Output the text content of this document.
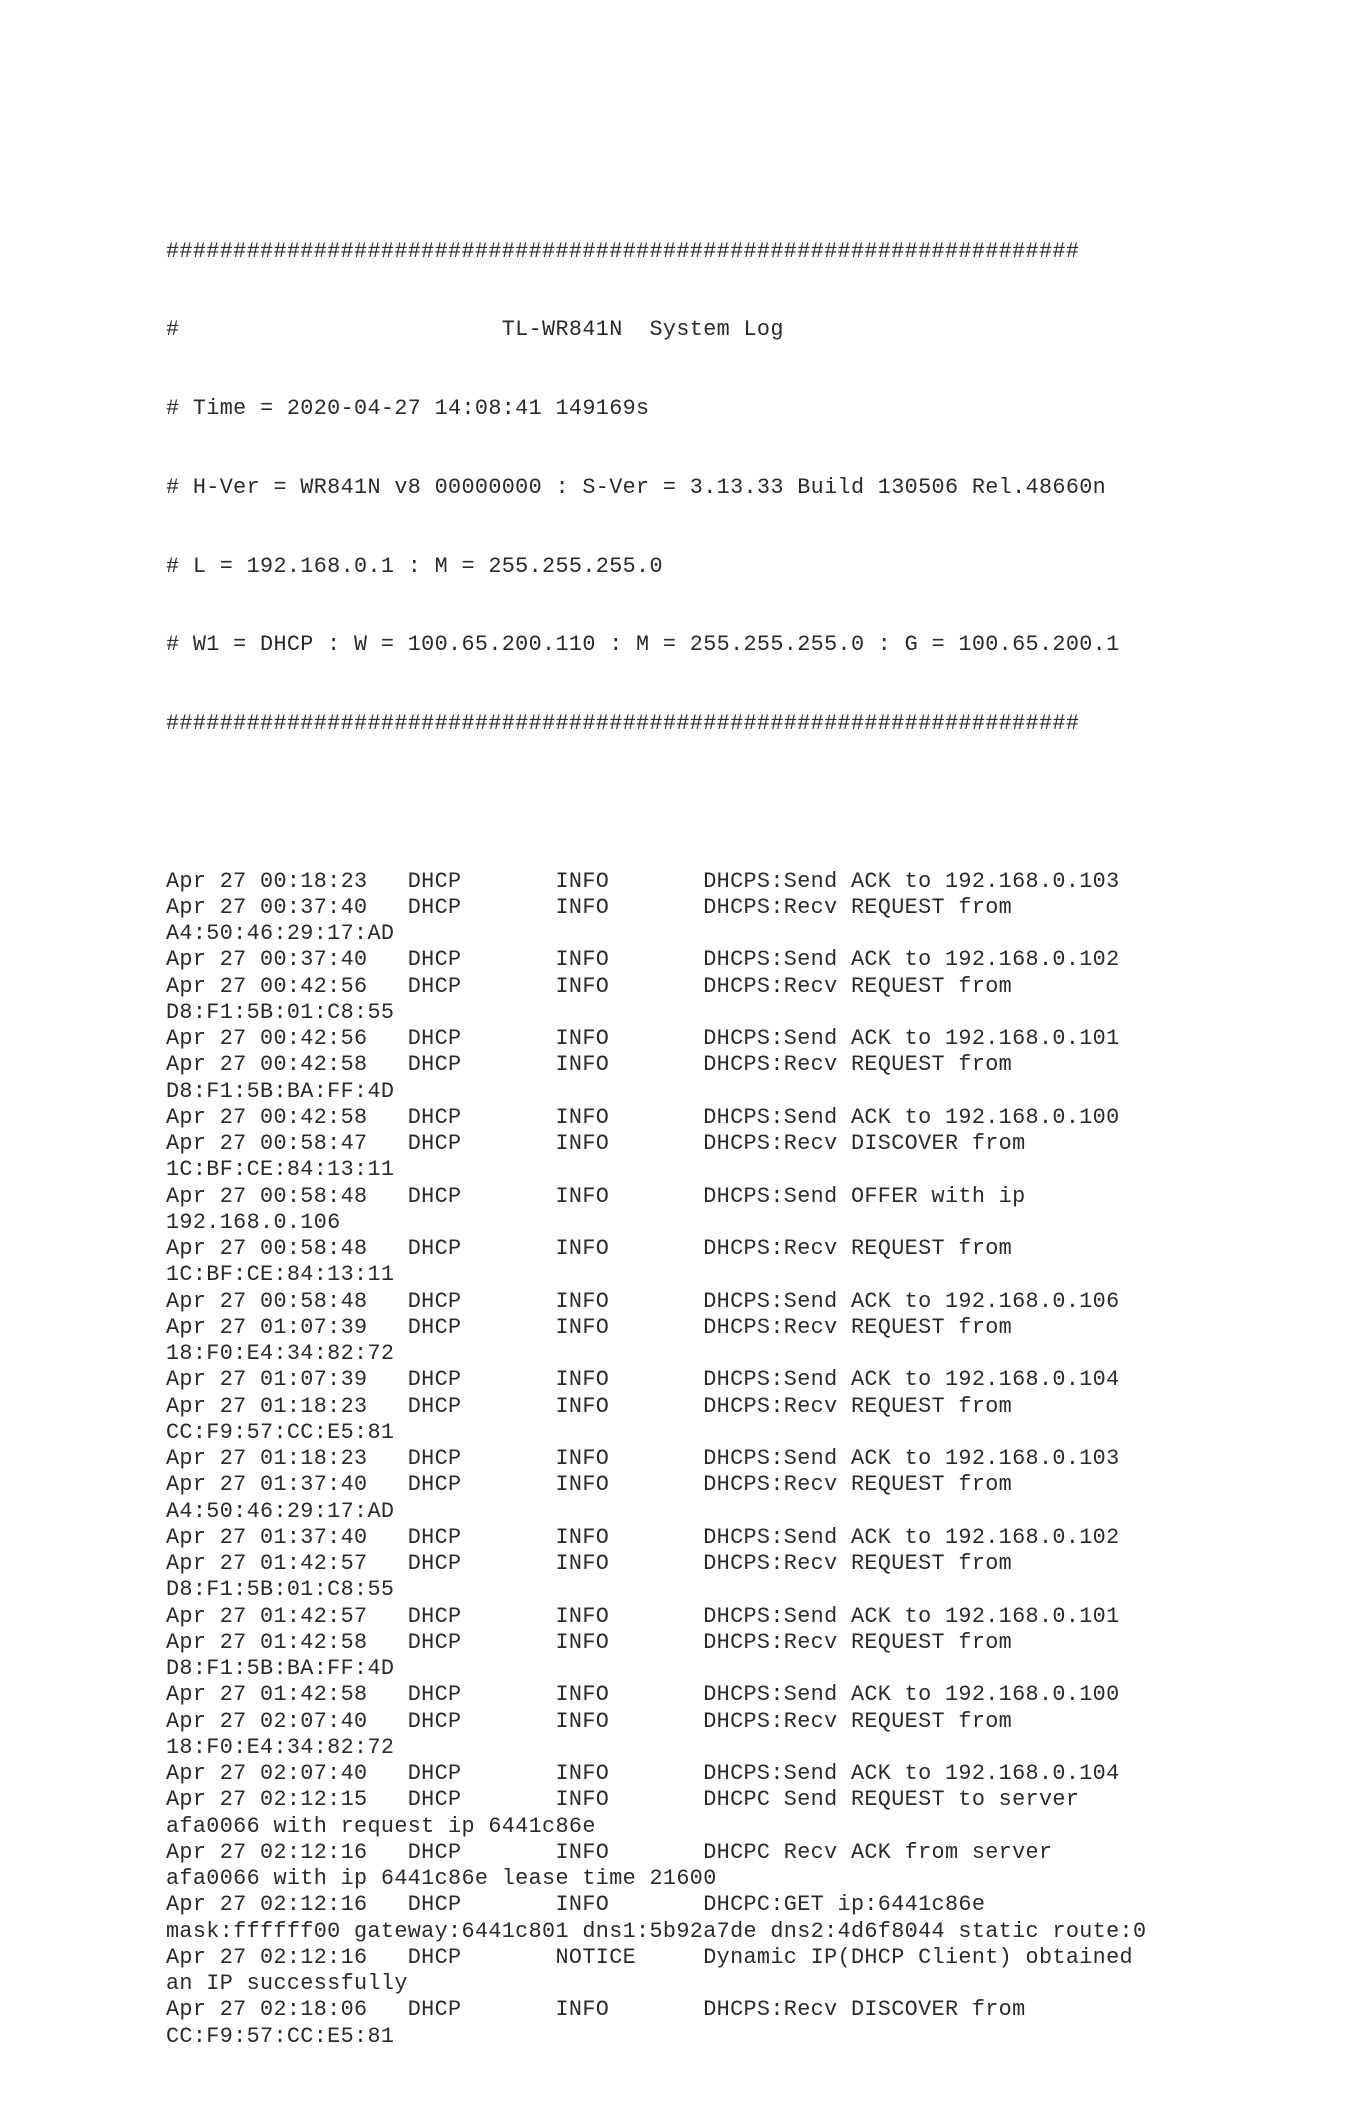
####################################################################

#                        TL-WR841N  System Log

# Time = 2020-04-27 14:08:41 149169s

# H-Ver = WR841N v8 00000000 : S-Ver = 3.13.33 Build 130506 Rel.48660n

# L = 192.168.0.1 : M = 255.255.255.0

# W1 = DHCP : W = 100.65.200.110 : M = 255.255.255.0 : G = 100.65.200.1

####################################################################

Apr 27 00:18:23   DHCP       INFO       DHCPS:Send ACK to 192.168.0.103
Apr 27 00:37:40   DHCP       INFO       DHCPS:Recv REQUEST from
A4:50:46:29:17:AD
Apr 27 00:37:40   DHCP       INFO       DHCPS:Send ACK to 192.168.0.102
Apr 27 00:42:56   DHCP       INFO       DHCPS:Recv REQUEST from
D8:F1:5B:01:C8:55
Apr 27 00:42:56   DHCP       INFO       DHCPS:Send ACK to 192.168.0.101
Apr 27 00:42:58   DHCP       INFO       DHCPS:Recv REQUEST from
D8:F1:5B:BA:FF:4D
Apr 27 00:42:58   DHCP       INFO       DHCPS:Send ACK to 192.168.0.100
Apr 27 00:58:47   DHCP       INFO       DHCPS:Recv DISCOVER from
1C:BF:CE:84:13:11
Apr 27 00:58:48   DHCP       INFO       DHCPS:Send OFFER with ip
192.168.0.106
Apr 27 00:58:48   DHCP       INFO       DHCPS:Recv REQUEST from
1C:BF:CE:84:13:11
Apr 27 00:58:48   DHCP       INFO       DHCPS:Send ACK to 192.168.0.106
Apr 27 01:07:39   DHCP       INFO       DHCPS:Recv REQUEST from
18:F0:E4:34:82:72
Apr 27 01:07:39   DHCP       INFO       DHCPS:Send ACK to 192.168.0.104
Apr 27 01:18:23   DHCP       INFO       DHCPS:Recv REQUEST from
CC:F9:57:CC:E5:81
Apr 27 01:18:23   DHCP       INFO       DHCPS:Send ACK to 192.168.0.103
Apr 27 01:37:40   DHCP       INFO       DHCPS:Recv REQUEST from
A4:50:46:29:17:AD
Apr 27 01:37:40   DHCP       INFO       DHCPS:Send ACK to 192.168.0.102
Apr 27 01:42:57   DHCP       INFO       DHCPS:Recv REQUEST from
D8:F1:5B:01:C8:55
Apr 27 01:42:57   DHCP       INFO       DHCPS:Send ACK to 192.168.0.101
Apr 27 01:42:58   DHCP       INFO       DHCPS:Recv REQUEST from
D8:F1:5B:BA:FF:4D
Apr 27 01:42:58   DHCP       INFO       DHCPS:Send ACK to 192.168.0.100
Apr 27 02:07:40   DHCP       INFO       DHCPS:Recv REQUEST from
18:F0:E4:34:82:72
Apr 27 02:07:40   DHCP       INFO       DHCPS:Send ACK to 192.168.0.104
Apr 27 02:12:15   DHCP       INFO       DHCPC Send REQUEST to server
afa0066 with request ip 6441c86e
Apr 27 02:12:16   DHCP       INFO       DHCPC Recv ACK from server
afa0066 with ip 6441c86e lease time 21600
Apr 27 02:12:16   DHCP       INFO       DHCPC:GET ip:6441c86e
mask:ffffff00 gateway:6441c801 dns1:5b92a7de dns2:4d6f8044 static route:0
Apr 27 02:12:16   DHCP       NOTICE     Dynamic IP(DHCP Client) obtained
an IP successfully
Apr 27 02:18:06   DHCP       INFO       DHCPS:Recv DISCOVER from
CC:F9:57:CC:E5:81
